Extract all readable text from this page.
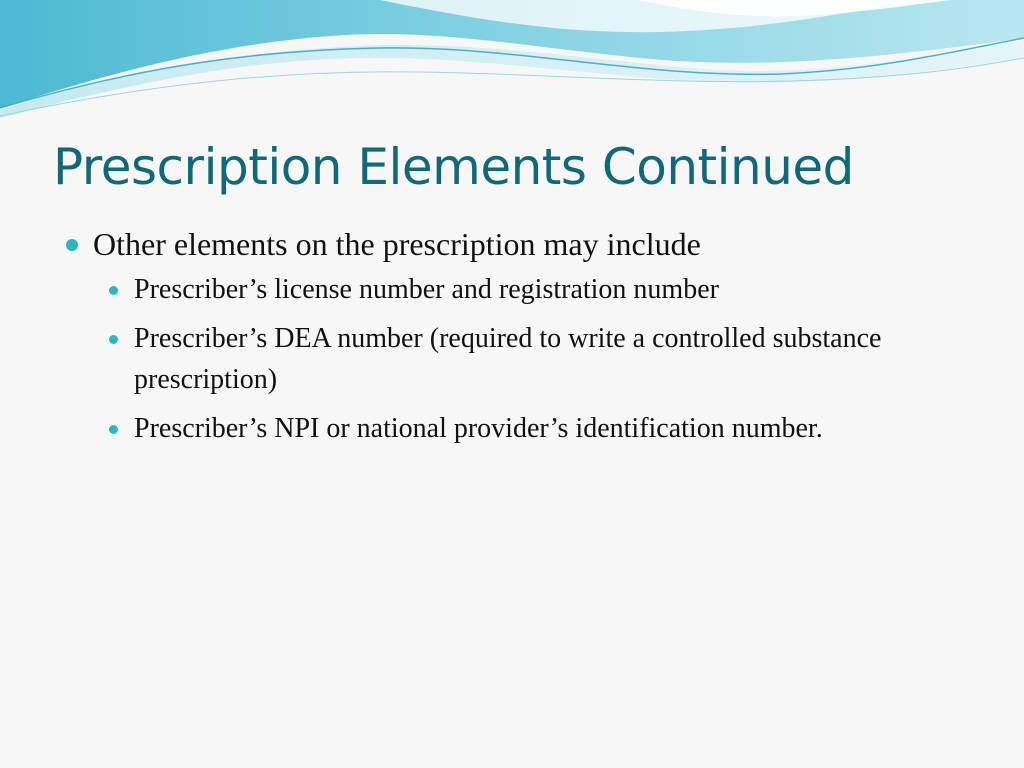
Prescription Elements Continued
Other elements on the prescription may include
Prescriber’s license number and registration number
Prescriber’s DEA number (required to write a controlled substance prescription)
Prescriber’s NPI or national provider’s identification number.
